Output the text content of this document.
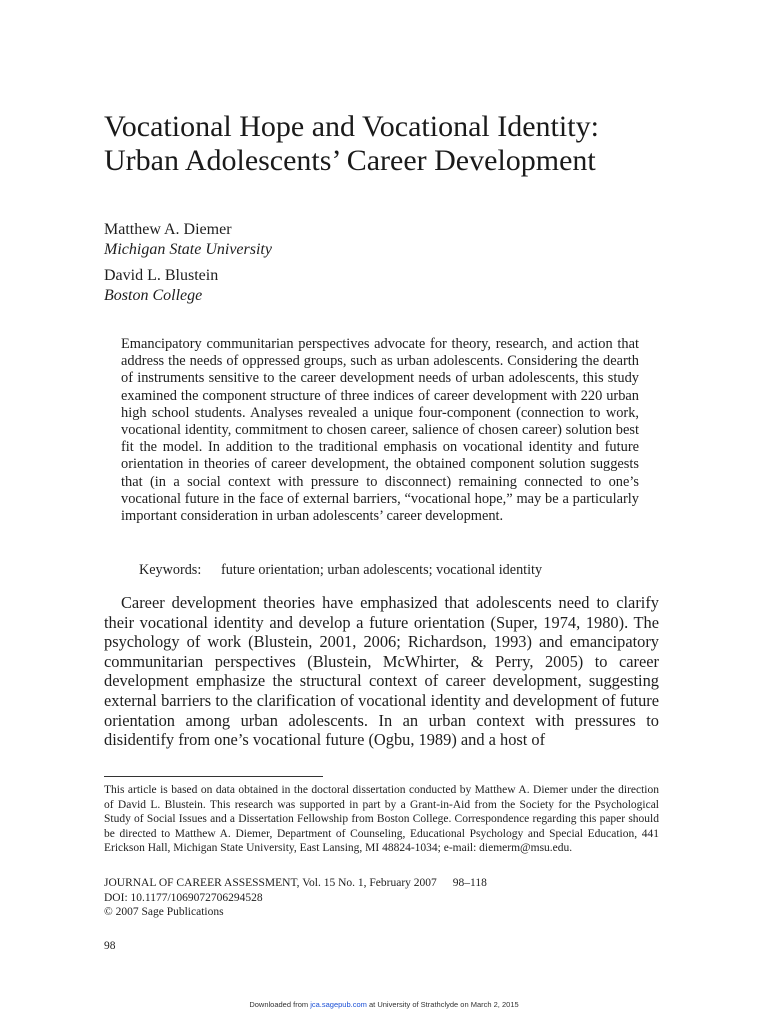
Vocational Hope and Vocational Identity:
Urban Adolescents’ Career Development
Matthew A. Diemer
Michigan State University
David L. Blustein
Boston College
Emancipatory communitarian perspectives advocate for theory, research, and action that address the needs of oppressed groups, such as urban adolescents. Considering the dearth of instruments sensitive to the career development needs of urban adolescents, this study examined the component structure of three indices of career development with 220 urban high school students. Analyses revealed a unique four-component (connection to work, vocational identity, commitment to chosen career, salience of chosen career) solution best fit the model. In addition to the traditional emphasis on vocational identity and future orientation in theories of career development, the obtained component solution suggests that (in a social context with pressure to disconnect) remaining connected to one’s vocational future in the face of external barriers, “vocational hope,” may be a particularly important consideration in urban adolescents’ career development.
Keywords: future orientation; urban adolescents; vocational identity
Career development theories have emphasized that adolescents need to clarify their vocational identity and develop a future orientation (Super, 1974, 1980). The psychology of work (Blustein, 2001, 2006; Richardson, 1993) and emancipatory communitarian perspectives (Blustein, McWhirter, & Perry, 2005) to career development emphasize the structural context of career development, suggesting external barriers to the clarification of vocational identity and development of future orientation among urban adolescents. In an urban context with pressures to disidentify from one’s vocational future (Ogbu, 1989) and a host of
This article is based on data obtained in the doctoral dissertation conducted by Matthew A. Diemer under the direction of David L. Blustein. This research was supported in part by a Grant-in-Aid from the Society for the Psychological Study of Social Issues and a Dissertation Fellowship from Boston College. Correspondence regarding this paper should be directed to Matthew A. Diemer, Department of Counseling, Educational Psychology and Special Education, 441 Erickson Hall, Michigan State University, East Lansing, MI 48824-1034; e-mail: diemerm@msu.edu.
JOURNAL OF CAREER ASSESSMENT, Vol. 15 No. 1, February 2007 98–118
DOI: 10.1177/1069072706294528
© 2007 Sage Publications
98
Downloaded from jca.sagepub.com at University of Strathclyde on March 2, 2015
